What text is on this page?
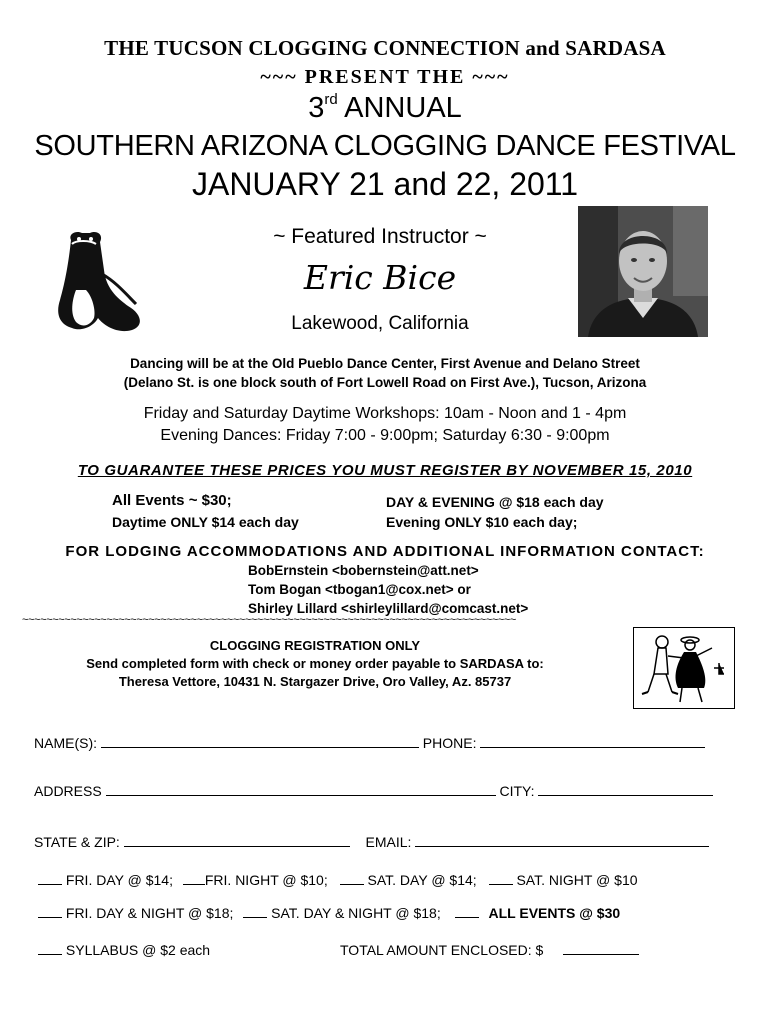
THE TUCSON CLOGGING CONNECTION and SARDASA
~~~ PRESENT THE ~~~
3rd ANNUAL
SOUTHERN ARIZONA CLOGGING DANCE FESTIVAL
JANUARY 21 and 22, 2011
~ Featured Instructor ~
Eric Bice
Lakewood, California
Dancing will be at the Old Pueblo Dance Center, First Avenue and Delano Street
(Delano St. is one block south of Fort Lowell Road on First Ave.), Tucson, Arizona
Friday and Saturday Daytime Workshops: 10am - Noon and 1 - 4pm
Evening Dances: Friday 7:00 - 9:00pm; Saturday 6:30 - 9:00pm
TO GUARANTEE THESE PRICES YOU MUST REGISTER BY NOVEMBER 15, 2010
All Events ~ $30;	DAY & EVENING @ $18 each day
Daytime ONLY $14 each day	Evening ONLY $10 each day;
FOR LODGING ACCOMMODATIONS AND ADDITIONAL INFORMATION CONTACT:
BobErnstein <bobernstein@att.net>
Tom Bogan <tbogan1@cox.net> or
Shirley Lillard <shirleylillard@comcast.net>
~~~~~~~~~~~~~~~~~~~~~~~~~~~~~~~~~~~~~~~~~~~~~~~~~~~~~~~~~~~~~~~~~~~~~~~~~~~~~~~~~~
CLOGGING REGISTRATION ONLY
Send completed form with check or money order payable to SARDASA to:
Theresa Vettore, 10431 N. Stargazer Drive, Oro Valley, Az. 85737
NAME(S):	PHONE:
ADDRESS	CITY:
STATE & ZIP:	EMAIL:
FRI. DAY @ $14; FRI. NIGHT @ $10;	SAT. DAY @ $14;	SAT. NIGHT @ $10
FRI. DAY & NIGHT @ $18;	SAT. DAY & NIGHT @ $18;	ALL EVENTS @ $30
SYLLABUS @ $2 each	TOTAL AMOUNT ENCLOSED: $
